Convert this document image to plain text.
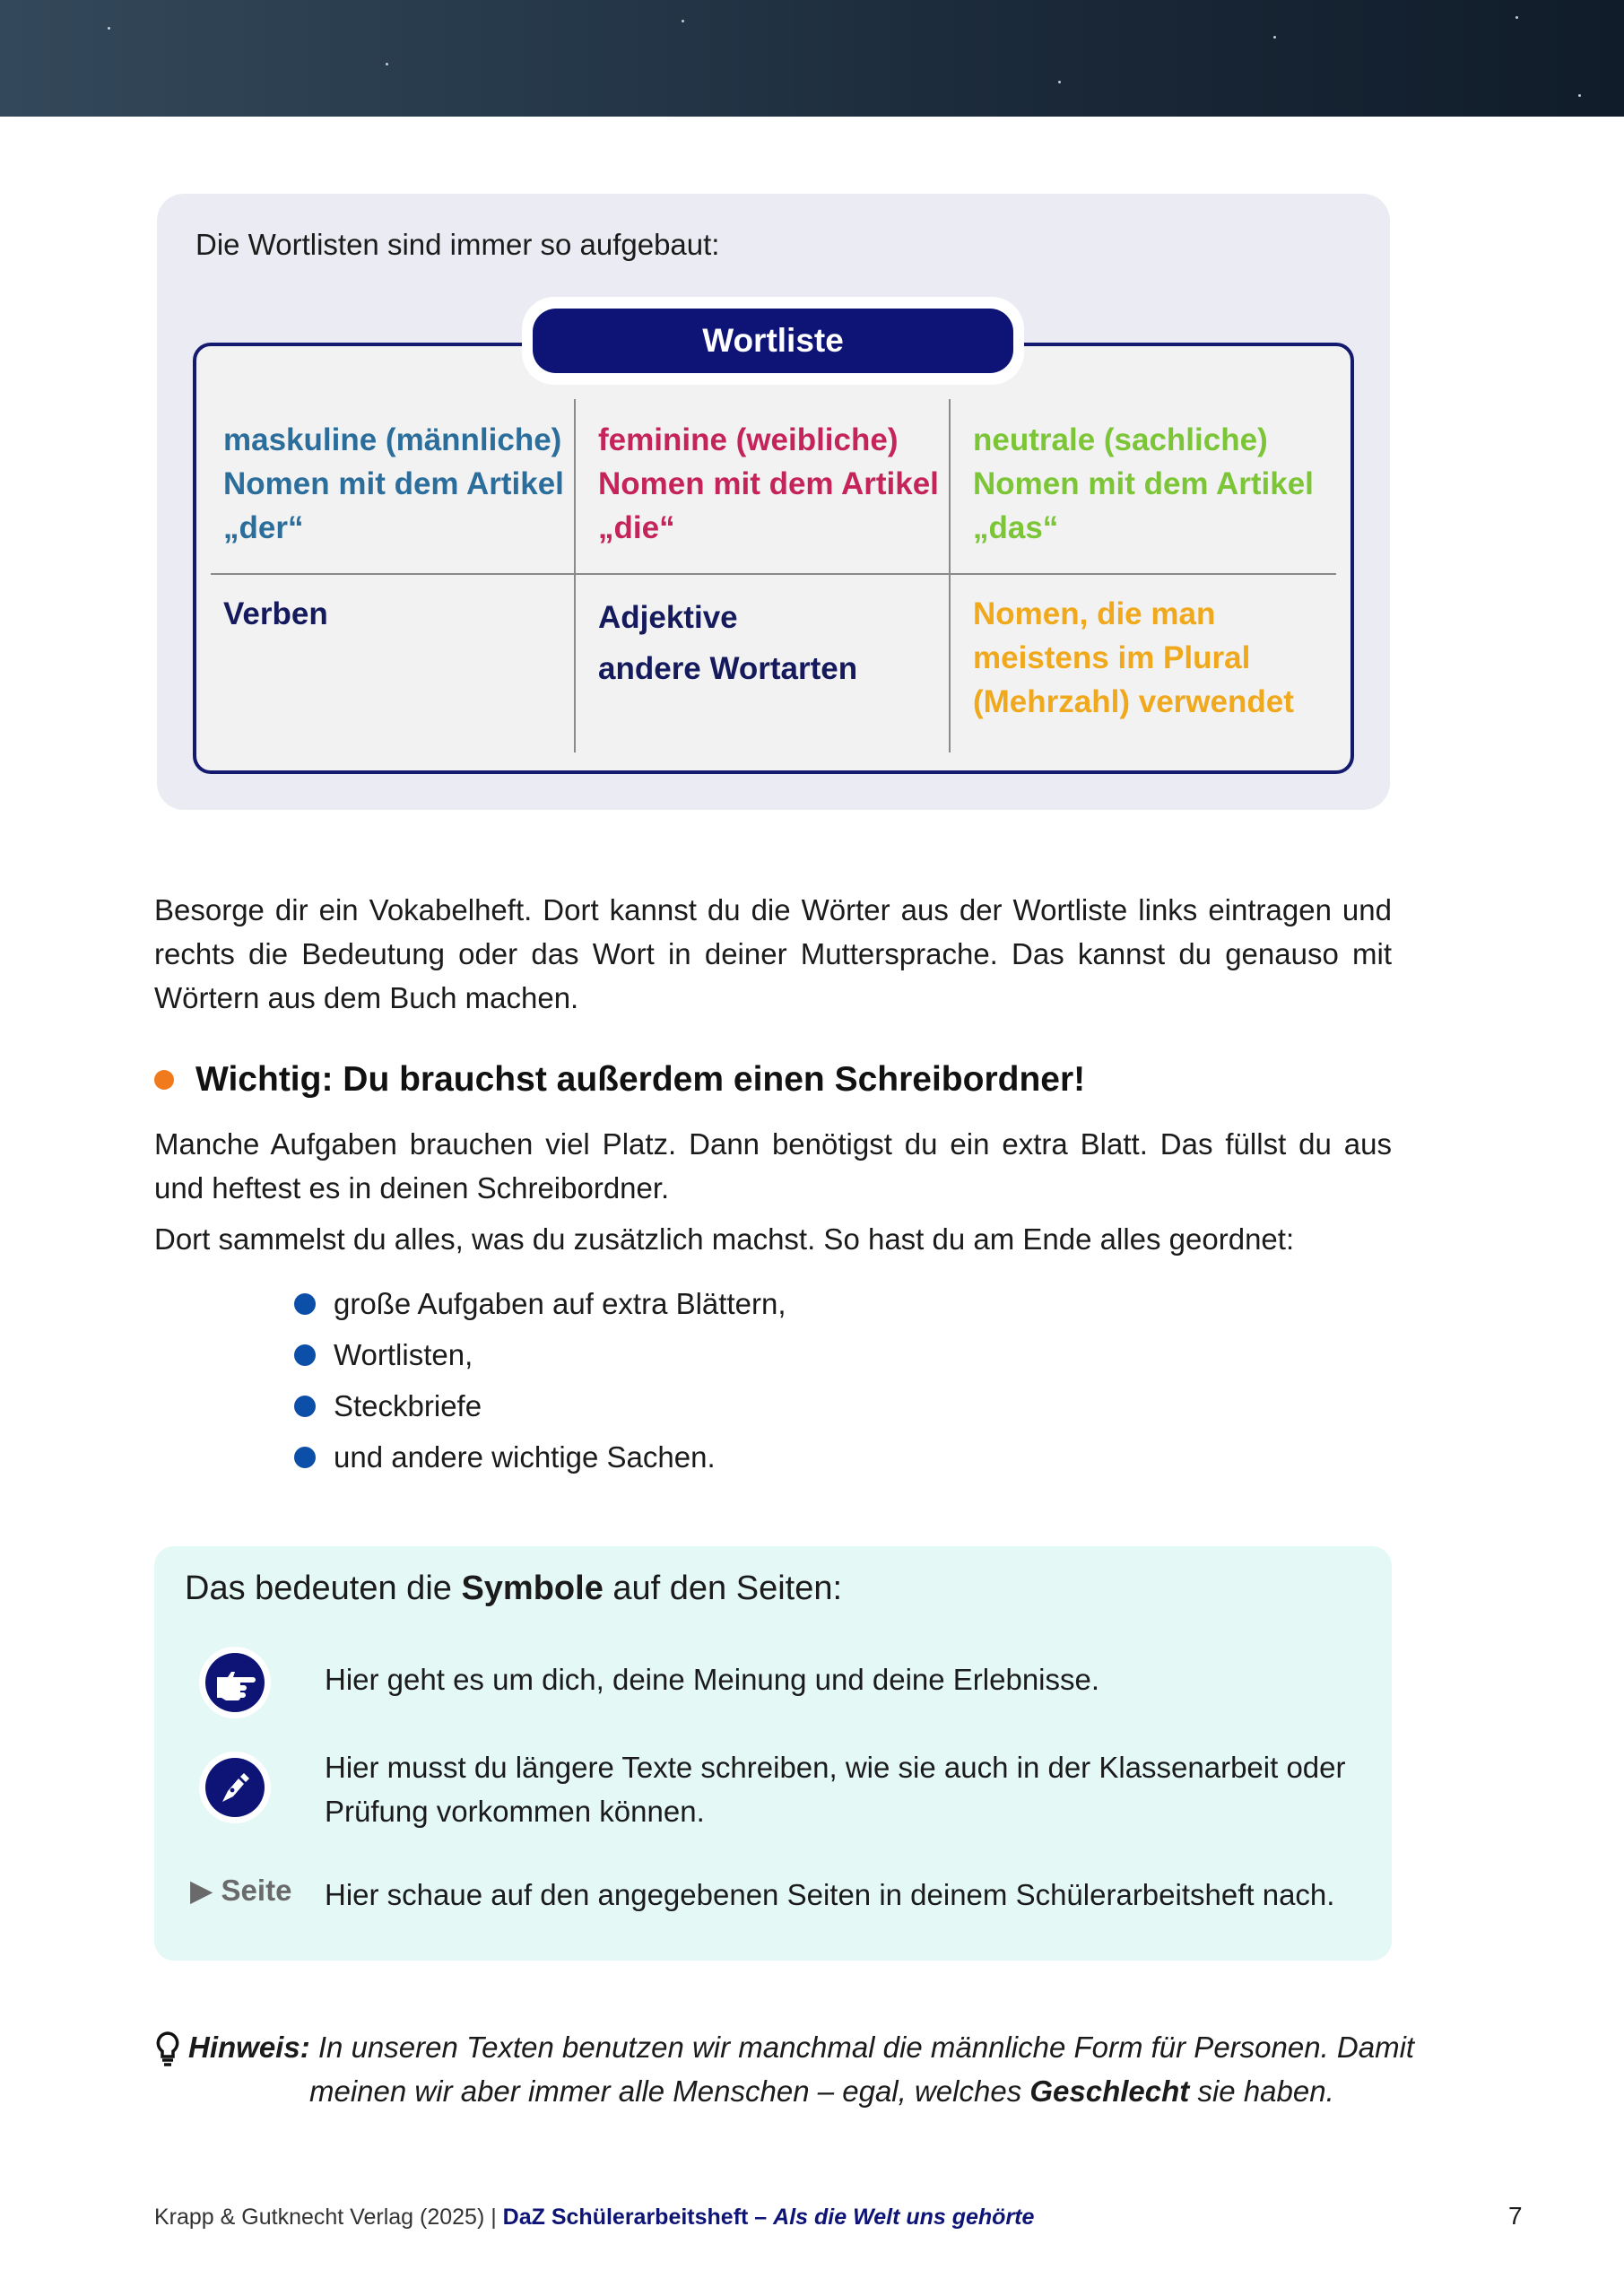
Die Wortlisten sind immer so aufgebaut:
maskuline (männliche)
Nomen mit dem Artikel
„der“
feminine (weibliche)
Nomen mit dem Artikel
„die“
neutrale (sachliche)
Nomen mit dem Artikel
„das“
Verben	Adjektive
andere Wortarten
Nomen, die man
meistens im Plural
(Mehrzahl) verwendet
Wortliste
Besorge dir ein Vokabelheft. Dort kannst du die Wörter aus der Wortliste links eintragen und
rechts die Bedeutung oder das Wort in deiner Muttersprache. Das kannst du genauso mit
Wörtern aus dem Buch machen.
Wichtig: Du brauchst außerdem einen Schreibordner!
Manche Aufgaben brauchen viel Platz. Dann benötigst du ein extra Blatt. Das füllst du aus
und heftest es in deinen Schreibordner.
Dort sammelst du alles, was du zusätzlich machst. So hast du am Ende alles geordnet:
große Aufgaben auf extra Blättern,
Wortlisten,
Steckbriefe
und andere wichtige Sachen.
Das bedeuten die Symbole auf den Seiten:
Hier geht es um dich, deine Meinung und deine Erlebnisse.
Hier musst du längere Texte schreiben, wie sie auch in der Klassenarbeit oder
Prüfung vorkommen können.
▶ Seite Hier schaue auf den angegebenen Seiten in deinem Schülerarbeitsheft nach.
Hinweis: In unseren Texten benutzen wir manchmal die männliche Form für Personen. Damit
meinen wir aber immer alle Menschen – egal, welches Geschlecht sie haben.
Krapp & Gutknecht Verlag (2025) | DaZ Schülerarbeitsheft – Als die Welt uns gehörte	7
